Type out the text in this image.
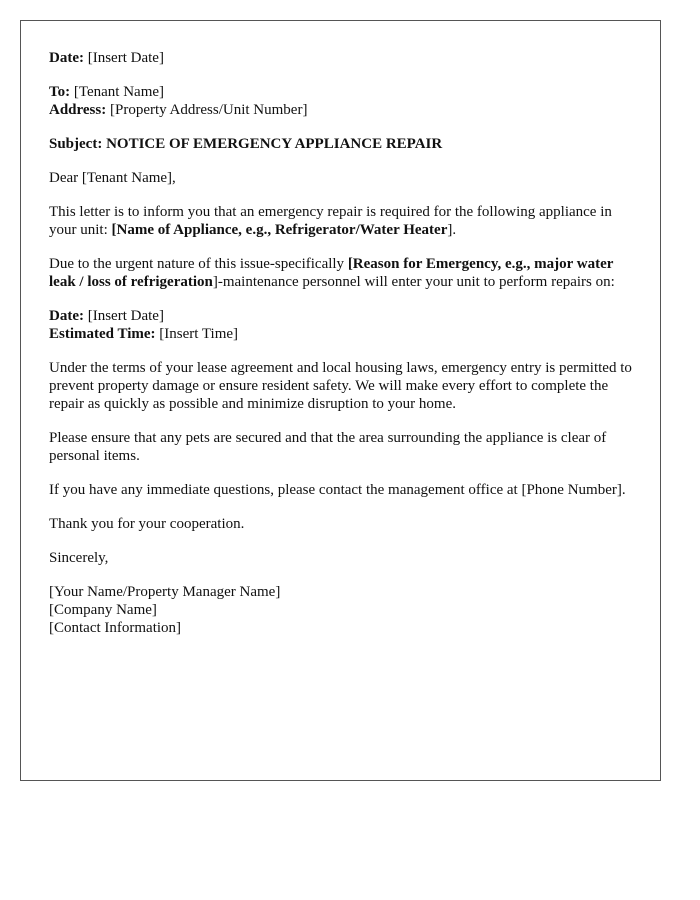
Date: [Insert Date]

To: [Tenant Name]
Address: [Property Address/Unit Number]

Subject: NOTICE OF EMERGENCY APPLIANCE REPAIR

Dear [Tenant Name],

This letter is to inform you that an emergency repair is required for the following appliance in your unit: [Name of Appliance, e.g., Refrigerator/Water Heater].

Due to the urgent nature of this issue-specifically [Reason for Emergency, e.g., major water leak / loss of refrigeration]-maintenance personnel will enter your unit to perform repairs on:

Date: [Insert Date]
Estimated Time: [Insert Time]

Under the terms of your lease agreement and local housing laws, emergency entry is permitted to prevent property damage or ensure resident safety. We will make every effort to complete the repair as quickly as possible and minimize disruption to your home.

Please ensure that any pets are secured and that the area surrounding the appliance is clear of personal items.

If you have any immediate questions, please contact the management office at [Phone Number].

Thank you for your cooperation.

Sincerely,

[Your Name/Property Manager Name]
[Company Name]
[Contact Information]
